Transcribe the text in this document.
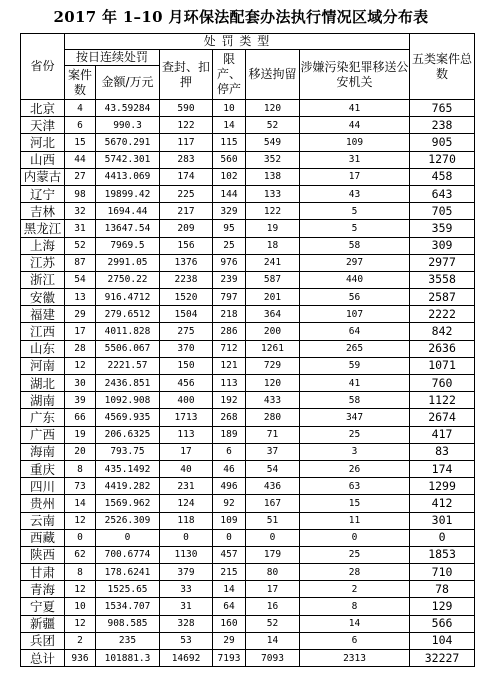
2017 年 1–10 月环保法配套办法执行情况区域分布表
省份	处 罚 类 型						五类案件总数
	按日连续处罚		查封、扣押	限产、停产	移送拘留	涉嫌污染犯罪移送公安机关	
	案件数	金额/万元					
北京	4	43.59284	590	10	120	41	765
天津	6	990.3	122	14	52	44	238
河北	15	5670.291	117	115	549	109	905
山西	44	5742.301	283	560	352	31	1270
内蒙古	27	4413.069	174	102	138	17	458
辽宁	98	19899.42	225	144	133	43	643
吉林	32	1694.44	217	329	122	5	705
黑龙江	31	13647.54	209	95	19	5	359
上海	52	7969.5	156	25	18	58	309
江苏	87	2991.05	1376	976	241	297	2977
浙江	54	2750.22	2238	239	587	440	3558
安徽	13	916.4712	1520	797	201	56	2587
福建	29	279.6512	1504	218	364	107	2222
江西	17	4011.828	275	286	200	64	842
山东	28	5506.067	370	712	1261	265	2636
河南	12	2221.57	150	121	729	59	1071
湖北	30	2436.851	456	113	120	41	760
湖南	39	1092.908	400	192	433	58	1122
广东	66	4569.935	1713	268	280	347	2674
广西	19	206.6325	113	189	71	25	417
海南	20	793.75	17	6	37	3	83
重庆	8	435.1492	40	46	54	26	174
四川	73	4419.282	231	496	436	63	1299
贵州	14	1569.962	124	92	167	15	412
云南	12	2526.309	118	109	51	11	301
西藏	0	0	0	0	0	0	0
陕西	62	700.6774	1130	457	179	25	1853
甘肃	8	178.6241	379	215	80	28	710
青海	12	1525.65	33	14	17	2	78
宁夏	10	1534.707	31	64	16	8	129
新疆	12	908.585	328	160	52	14	566
兵团	2	235	53	29	14	6	104
总计	936	101881.3	14692	7193	7093	2313	32227
